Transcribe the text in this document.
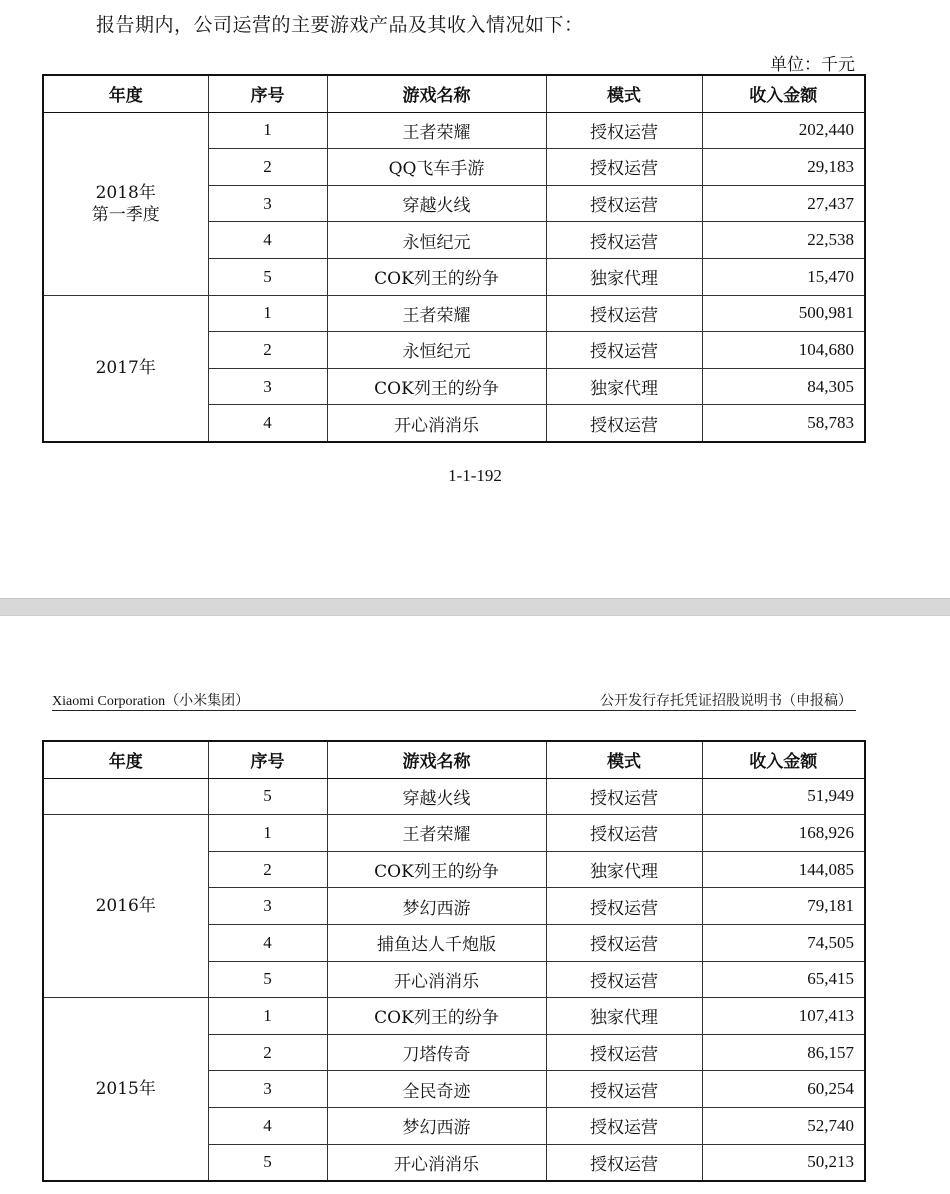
报告期内，公司运营的主要游戏产品及其收入情况如下：
单位：千元
年度	序号	游戏名称	模式	收入金额

2018年
第一季度	1	王者荣耀	授权运营	202,440
	2	QQ飞车手游	授权运营	29,183
	3	穿越火线	授权运营	27,437
	4	永恒纪元	授权运营	22,538
	5	COK列王的纷争	独家代理	15,470

2017年	1	王者荣耀	授权运营	500,981
	2	永恒纪元	授权运营	104,680
	3	COK列王的纷争	独家代理	84,305
	4	开心消消乐	授权运营	58,783
1-1-192
Xiaomi Corporation（小米集团）	公开发行存托凭证招股说明书（申报稿）
年度	序号	游戏名称	模式	收入金额

	5	穿越火线	授权运营	51,949

2016年	1	王者荣耀	授权运营	168,926
	2	COK列王的纷争	独家代理	144,085
	3	梦幻西游	授权运营	79,181
	4	捕鱼达人千炮版	授权运营	74,505
	5	开心消消乐	授权运营	65,415

2015年	1	COK列王的纷争	独家代理	107,413
	2	刀塔传奇	授权运营	86,157
	3	全民奇迹	授权运营	60,254
	4	梦幻西游	授权运营	52,740
	5	开心消消乐	授权运营	50,213
